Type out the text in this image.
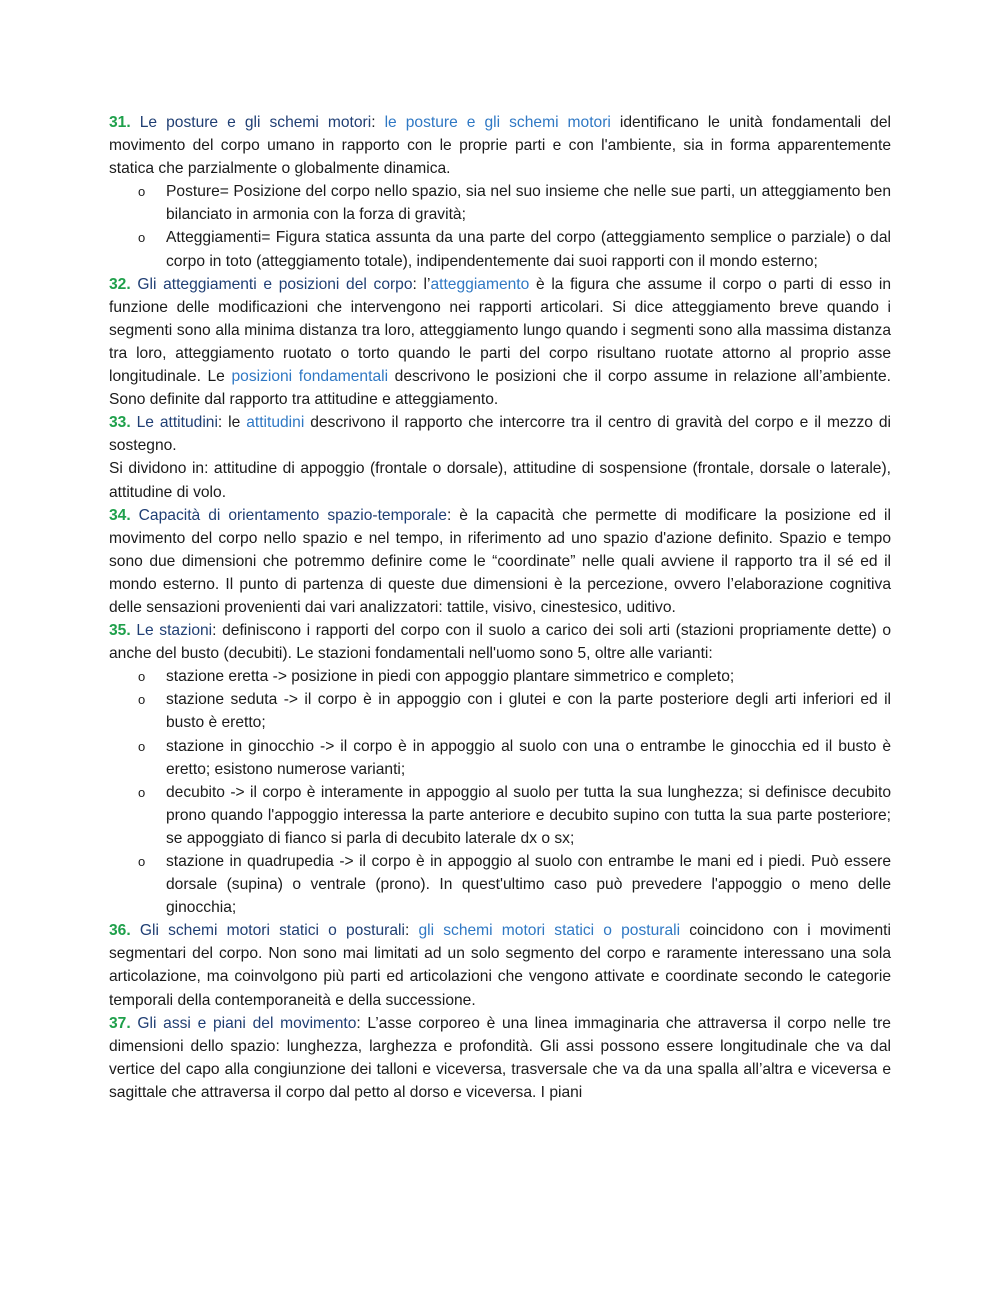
31. Le posture e gli schemi motori: le posture e gli schemi motori identificano le unità fondamentali del movimento del corpo umano in rapporto con le proprie parti e con l'ambiente, sia in forma apparentemente statica che parzialmente o globalmente dinamica.

o Posture= Posizione del corpo nello spazio, sia nel suo insieme che nelle sue parti, un atteggiamento ben bilanciato in armonia con la forza di gravità;
o Atteggiamenti= Figura statica assunta da una parte del corpo (atteggiamento semplice o parziale) o dal corpo in toto (atteggiamento totale), indipendentemente dai suoi rapporti con il mondo esterno;

32. Gli atteggiamenti e posizioni del corpo: l’atteggiamento è la figura che assume il corpo o parti di esso in funzione delle modificazioni che intervengono nei rapporti articolari. Si dice atteggiamento breve quando i segmenti sono alla minima distanza tra loro, atteggiamento lungo quando i segmenti sono alla massima distanza tra loro, atteggiamento ruotato o torto quando le parti del corpo risultano ruotate attorno al proprio asse longitudinale. Le posizioni fondamentali descrivono le posizioni che il corpo assume in relazione all’ambiente. Sono definite dal rapporto tra attitudine e atteggiamento.

33. Le attitudini: le attitudini descrivono il rapporto che intercorre tra il centro di gravità del corpo e il mezzo di sostegno.

Si dividono in: attitudine di appoggio (frontale o dorsale), attitudine di sospensione (frontale, dorsale o laterale), attitudine di volo.

34. Capacità di orientamento spazio-temporale: è la capacità che permette di modificare la posizione ed il movimento del corpo nello spazio e nel tempo, in riferimento ad uno spazio d'azione definito. Spazio e tempo sono due dimensioni che potremmo definire come le “coordinate” nelle quali avviene il rapporto tra il sé ed il mondo esterno. Il punto di partenza di queste due dimensioni è la percezione, ovvero l’elaborazione cognitiva delle sensazioni provenienti dai vari analizzatori: tattile, visivo, cinestesico, uditivo.

35. Le stazioni: definiscono i rapporti del corpo con il suolo a carico dei soli arti (stazioni propriamente dette) o anche del busto (decubiti). Le stazioni fondamentali nell'uomo sono 5, oltre alle varianti:

o stazione eretta -> posizione in piedi con appoggio plantare simmetrico e completo;
o stazione seduta -> il corpo è in appoggio con i glutei e con la parte posteriore degli arti inferiori ed il busto è eretto;
o stazione in ginocchio -> il corpo è in appoggio al suolo con una o entrambe le ginocchia ed il busto è eretto; esistono numerose varianti;
o decubito -> il corpo è interamente in appoggio al suolo per tutta la sua lunghezza; si definisce decubito prono quando l'appoggio interessa la parte anteriore e decubito supino con tutta la sua parte posteriore; se appoggiato di fianco si parla di decubito laterale dx o sx;
o stazione in quadrupedia -> il corpo è in appoggio al suolo con entrambe le mani ed i piedi. Può essere dorsale (supina) o ventrale (prono). In quest'ultimo caso può prevedere l'appoggio o meno delle ginocchia;

36. Gli schemi motori statici o posturali: gli schemi motori statici o posturali coincidono con i movimenti segmentari del corpo. Non sono mai limitati ad un solo segmento del corpo e raramente interessano una sola articolazione, ma coinvolgono più parti ed articolazioni che vengono attivate e coordinate secondo le categorie temporali della contemporaneità e della successione.

37. Gli assi e piani del movimento: L’asse corporeo è una linea immaginaria che attraversa il corpo nelle tre dimensioni dello spazio: lunghezza, larghezza e profondità. Gli assi possono essere longitudinale che va dal vertice del capo alla congiunzione dei talloni e viceversa, trasversale che va da una spalla all’altra e viceversa e sagittale che attraversa il corpo dal petto al dorso e viceversa. I piani
